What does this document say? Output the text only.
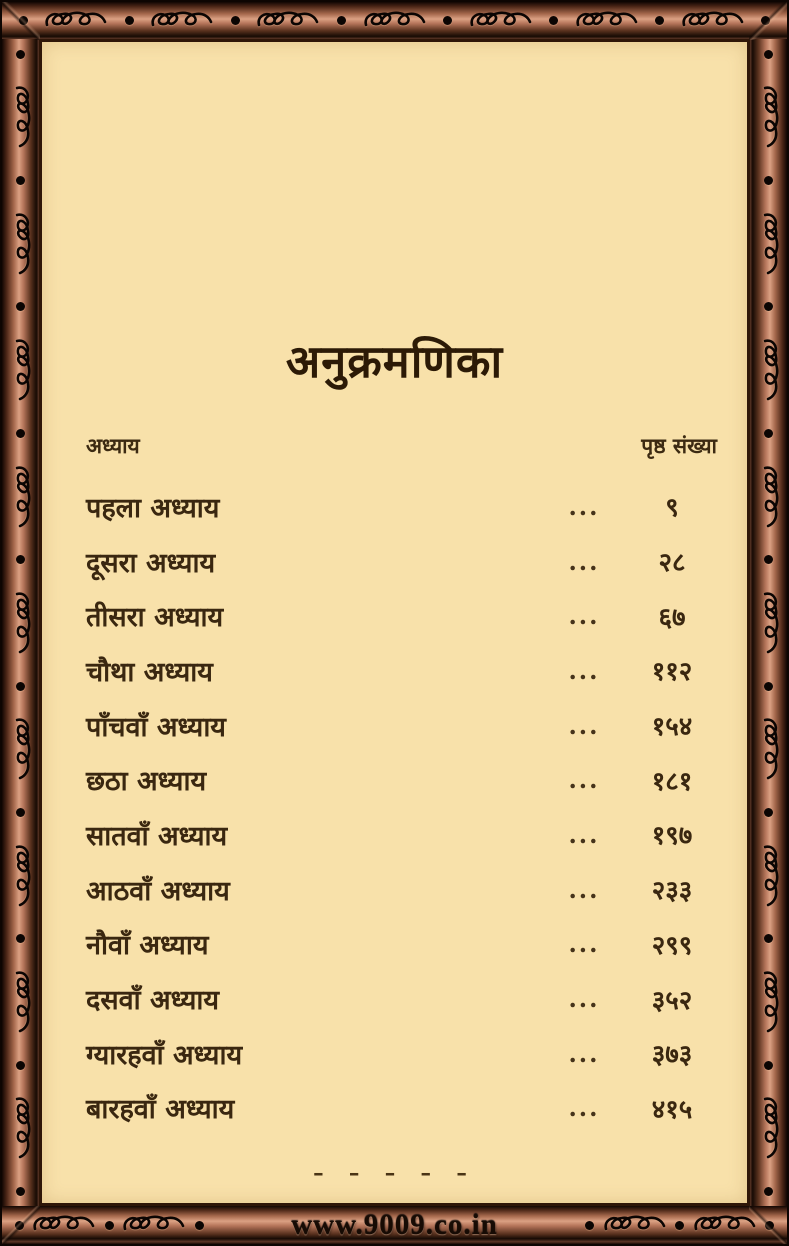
www.9009.co.in
अनुक्रमणिका
अध्याय	पृष्ठ संख्या
पहला अध्याय	...	९
दूसरा अध्याय	...	२८
तीसरा अध्याय	...	६७
चौथा अध्याय	...	११२
पाँचवाँ अध्याय	...	१५४
छठा अध्याय	...	१८१
सातवाँ अध्याय	...	१९७
आठवाँ अध्याय	...	२३३
नौवाँ अध्याय	...	२९९
दसवाँ अध्याय	...	३५२
ग्यारहवाँ अध्याय	...	३७३
बारहवाँ अध्याय	...	४१५
– – – – –
